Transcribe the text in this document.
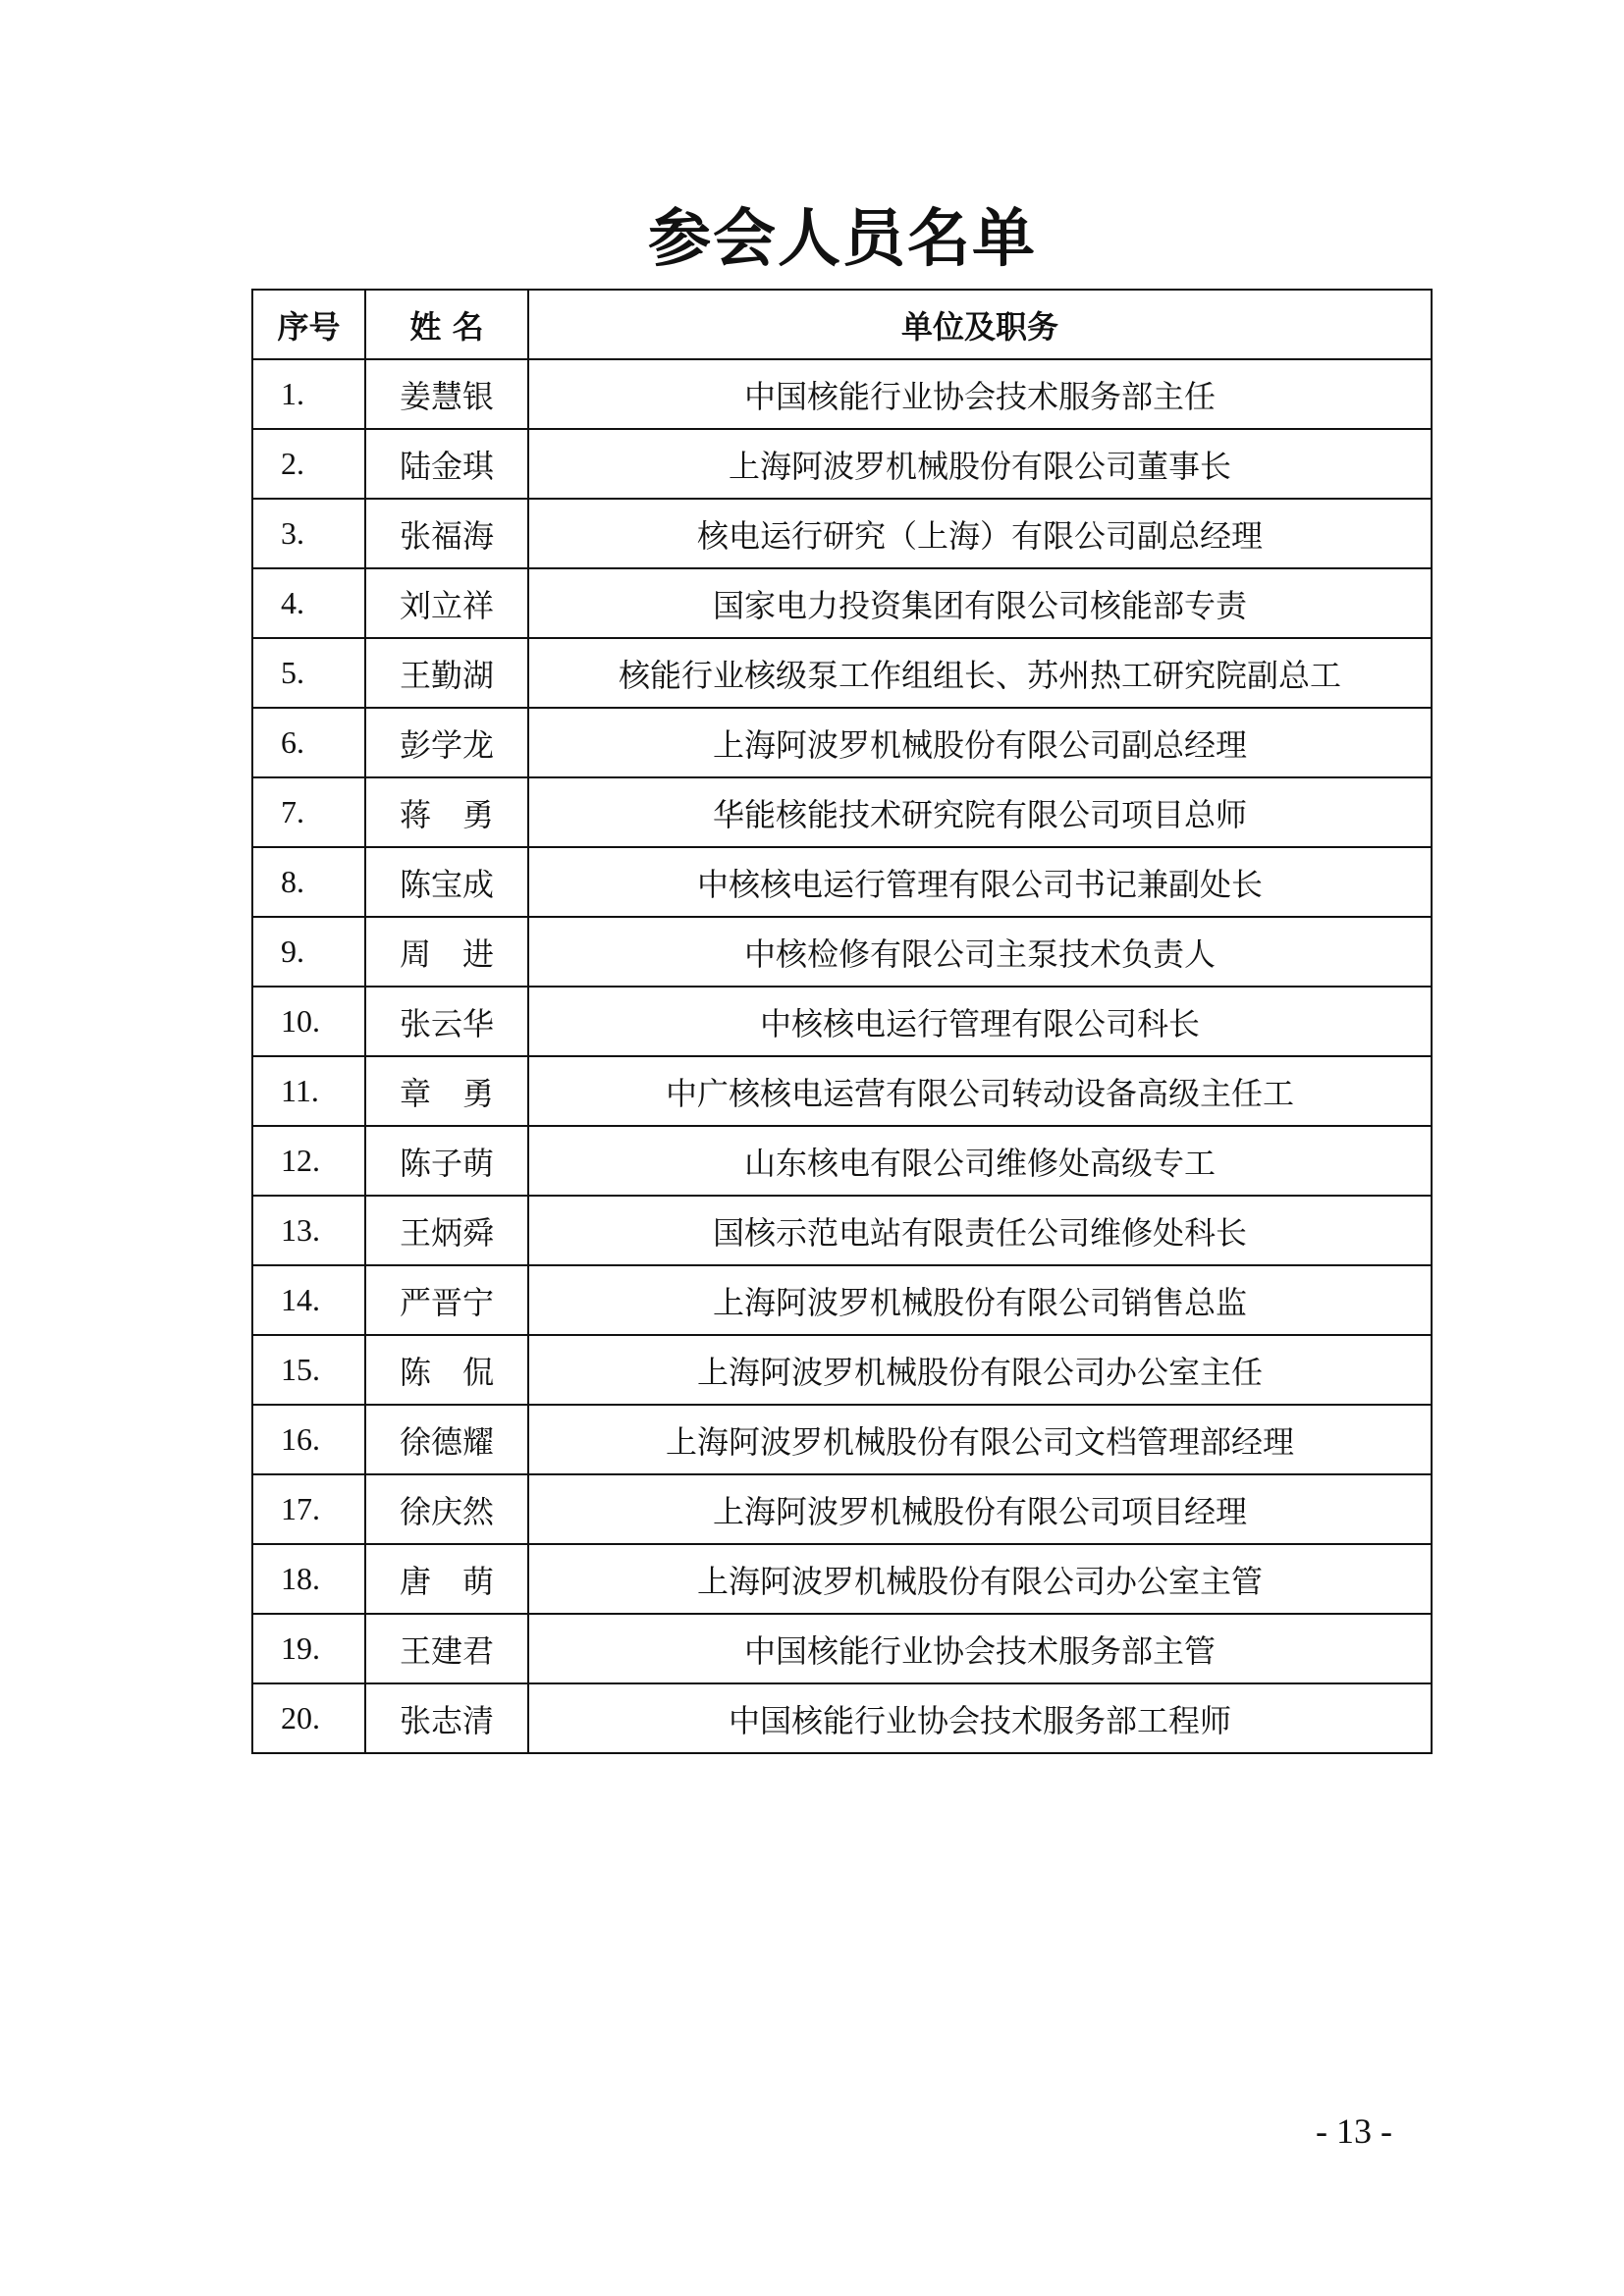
参会人员名单
序号	姓 名	单位及职务
1.	姜慧银	中国核能行业协会技术服务部主任
2.	陆金琪	上海阿波罗机械股份有限公司董事长
3.	张福海	核电运行研究（上海）有限公司副总经理
4.	刘立祥	国家电力投资集团有限公司核能部专责
5.	王勤湖	核能行业核级泵工作组组长、苏州热工研究院副总工
6.	彭学龙	上海阿波罗机械股份有限公司副总经理
7.	蒋　勇	华能核能技术研究院有限公司项目总师
8.	陈宝成	中核核电运行管理有限公司书记兼副处长
9.	周　进	中核检修有限公司主泵技术负责人
10.	张云华	中核核电运行管理有限公司科长
11.	章　勇	中广核核电运营有限公司转动设备高级主任工
12.	陈子萌	山东核电有限公司维修处高级专工
13.	王炳舜	国核示范电站有限责任公司维修处科长
14.	严晋宁	上海阿波罗机械股份有限公司销售总监
15.	陈　侃	上海阿波罗机械股份有限公司办公室主任
16.	徐德耀	上海阿波罗机械股份有限公司文档管理部经理
17.	徐庆然	上海阿波罗机械股份有限公司项目经理
18.	唐　萌	上海阿波罗机械股份有限公司办公室主管
19.	王建君	中国核能行业协会技术服务部主管
20.	张志清	中国核能行业协会技术服务部工程师
- 13 -
